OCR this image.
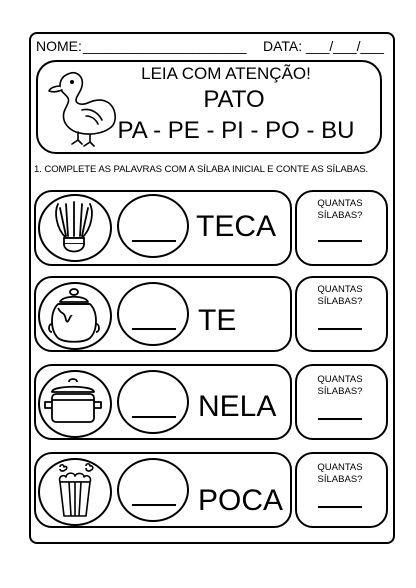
NOME: _____________________ DATA: ___/___/___
LEIA COM ATENÇÃO!
PATO
PA - PE - PI - PO - BU
1. COMPLETE AS PALAVRAS COM A SÍLABA INICIAL E CONTE AS SÍLABAS.
TECA
QUANTAS
SÍLABAS?
TE
QUANTAS
SÍLABAS?
NELA
QUANTAS
SÍLABAS?
POCA
QUANTAS
SÍLABAS?
